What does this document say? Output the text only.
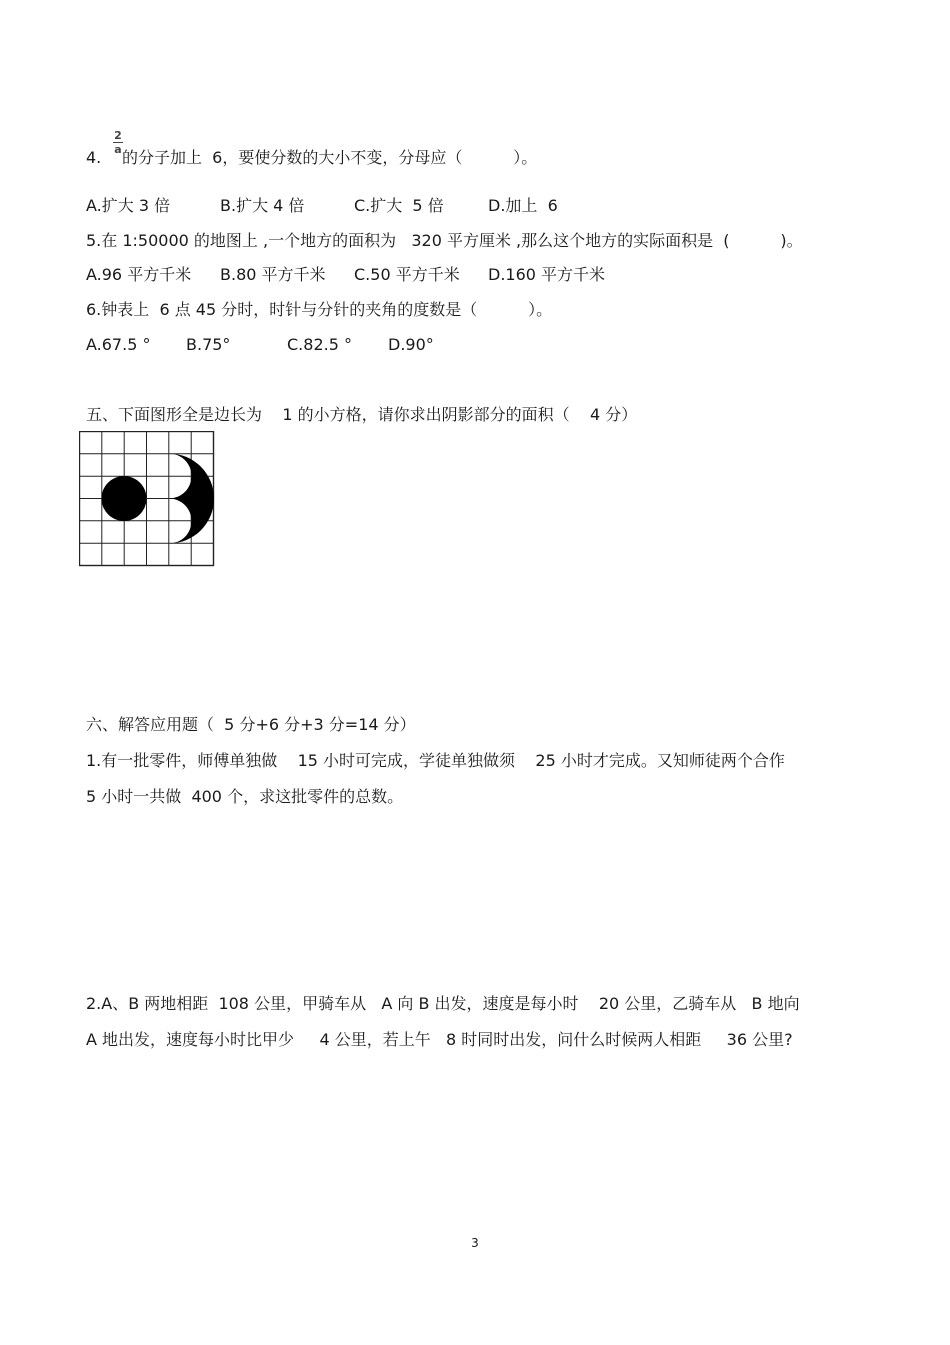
4.
2
a 的分子加上  6，要使分数的大小不变，分母应（          ）。
A.扩大 3 倍	B.扩大 4 倍	C.扩大  5 倍	D.加上  6
5.在 1:50000 的地图上 ,一个地方的面积为   320 平方厘米 ,那么这个地方的实际面积是  (          )。
A.96 平方千米	B.80 平方千米	C.50 平方千米	D.160 平方千米
6.钟表上  6 点 45 分时，时针与分针的夹角的度数是（          ）。
A.67.5 °	B.75°	C.82.5 °	D.90°
五、下面图形全是边长为    1 的小方格，请你求出阴影部分的面积（    4 分）
六、解答应用题（  5 分+6 分+3 分=14 分）
1.有一批零件，师傅单独做    15 小时可完成，学徒单独做须    25 小时才完成。又知师徒两个合作
5 小时一共做  400 个，求这批零件的总数。
2.A、B 两地相距  108 公里，甲骑车从   A 向 B 出发，速度是每小时    20 公里，乙骑车从   B 地向
A 地出发，速度每小时比甲少     4 公里，若上午   8 时同时出发，问什么时候两人相距     36 公里?
3
